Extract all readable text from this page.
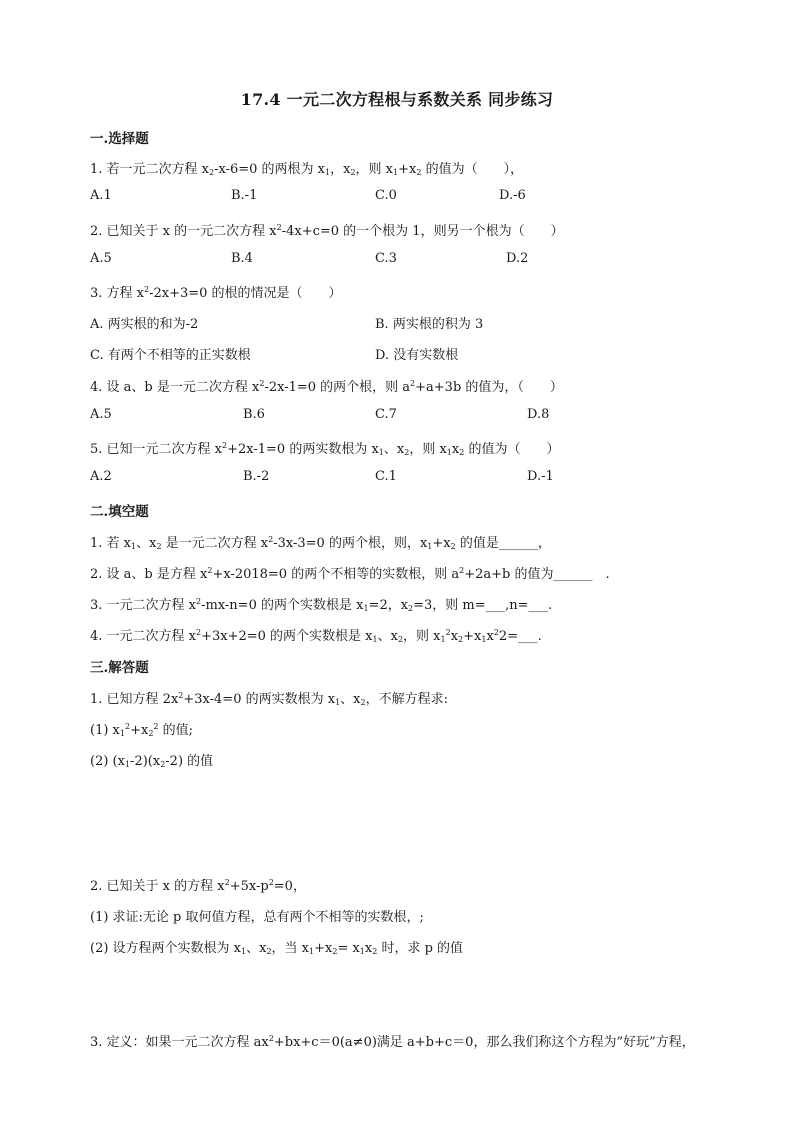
17.4 一元二次方程根与系数关系 同步练习
一.选择题
1. 若一元二次方程 $x_2-x-6=0$ 的两根为 $x_1$，$x_2$，则 $x_1+x_2$ 的值为（　　），
A.1	B.-1	C.0	D.-6
2. 已知关于 x 的一元二次方程 $x^2-4x+c=0$ 的一个根为 1，则另一个根为（　　）
A.5	B.4	C.3	D.2
3. 方程 $x^2-2x+3=0$ 的根的情况是（　　）
A. 两实根的和为-2	B. 两实根的积为 3
C. 有两个不相等的正实数根	D. 没有实数根
4. 设 a、b 是一元二次方程 $x^2-2x-1=0$ 的两个根，则 $a^2+a+3b$ 的值为，（　　）
A.5	B.6	C.7	D.8
5. 已知一元二次方程 $x^2+2x-1=0$ 的两实数根为 $x_1$、$x_2$，则 $x_1x_2$ 的值为（　　）
A.2	B.-2	C.1	D.-1
二.填空题
1. 若 $x_1$、$x_2$ 是一元二次方程 $x^2-3x-3=0$ 的两个根，则，$x_1+x_2$ 的值是______，
2. 设 a、b 是方程 $x^2+x-2018=0$ 的两个不相等的实数根，则 $a^2+2a+b$ 的值为______　.
3. 一元二次方程 $x^2-mx-n=0$ 的两个实数根是 $x_1=2$，$x_2=3$，则 m=___,n=___.
4. 一元二次方程 $x^2+3x+2=0$ 的两个实数根是 $x_1$、$x_2$，则 $x_1^2x_2+x_1x^22=\_\_\_$.
三.解答题
1. 已知方程 $2x^2+3x-4=0$ 的两实数根为 $x_1$、$x_2$，不解方程求:
(1) $x_1^2+x_2^2$ 的值;
(2) $(x_1-2)(x_2-2)$ 的值
2. 已知关于 x 的方程 $x^2+5x-p^2=0$，
(1) 求证:无论 p 取何值方程，总有两个不相等的实数根，;
(2) 设方程两个实数根为 $x_1$、$x_2$，当 $x_1+x_2= x_1x_2$ 时，求 p 的值
3. 定义：如果一元二次方程 $ax^2+bx+c=0(a\ne 0)$满足 a+b+c＝0，那么我们称这个方程为”好玩”方程，
